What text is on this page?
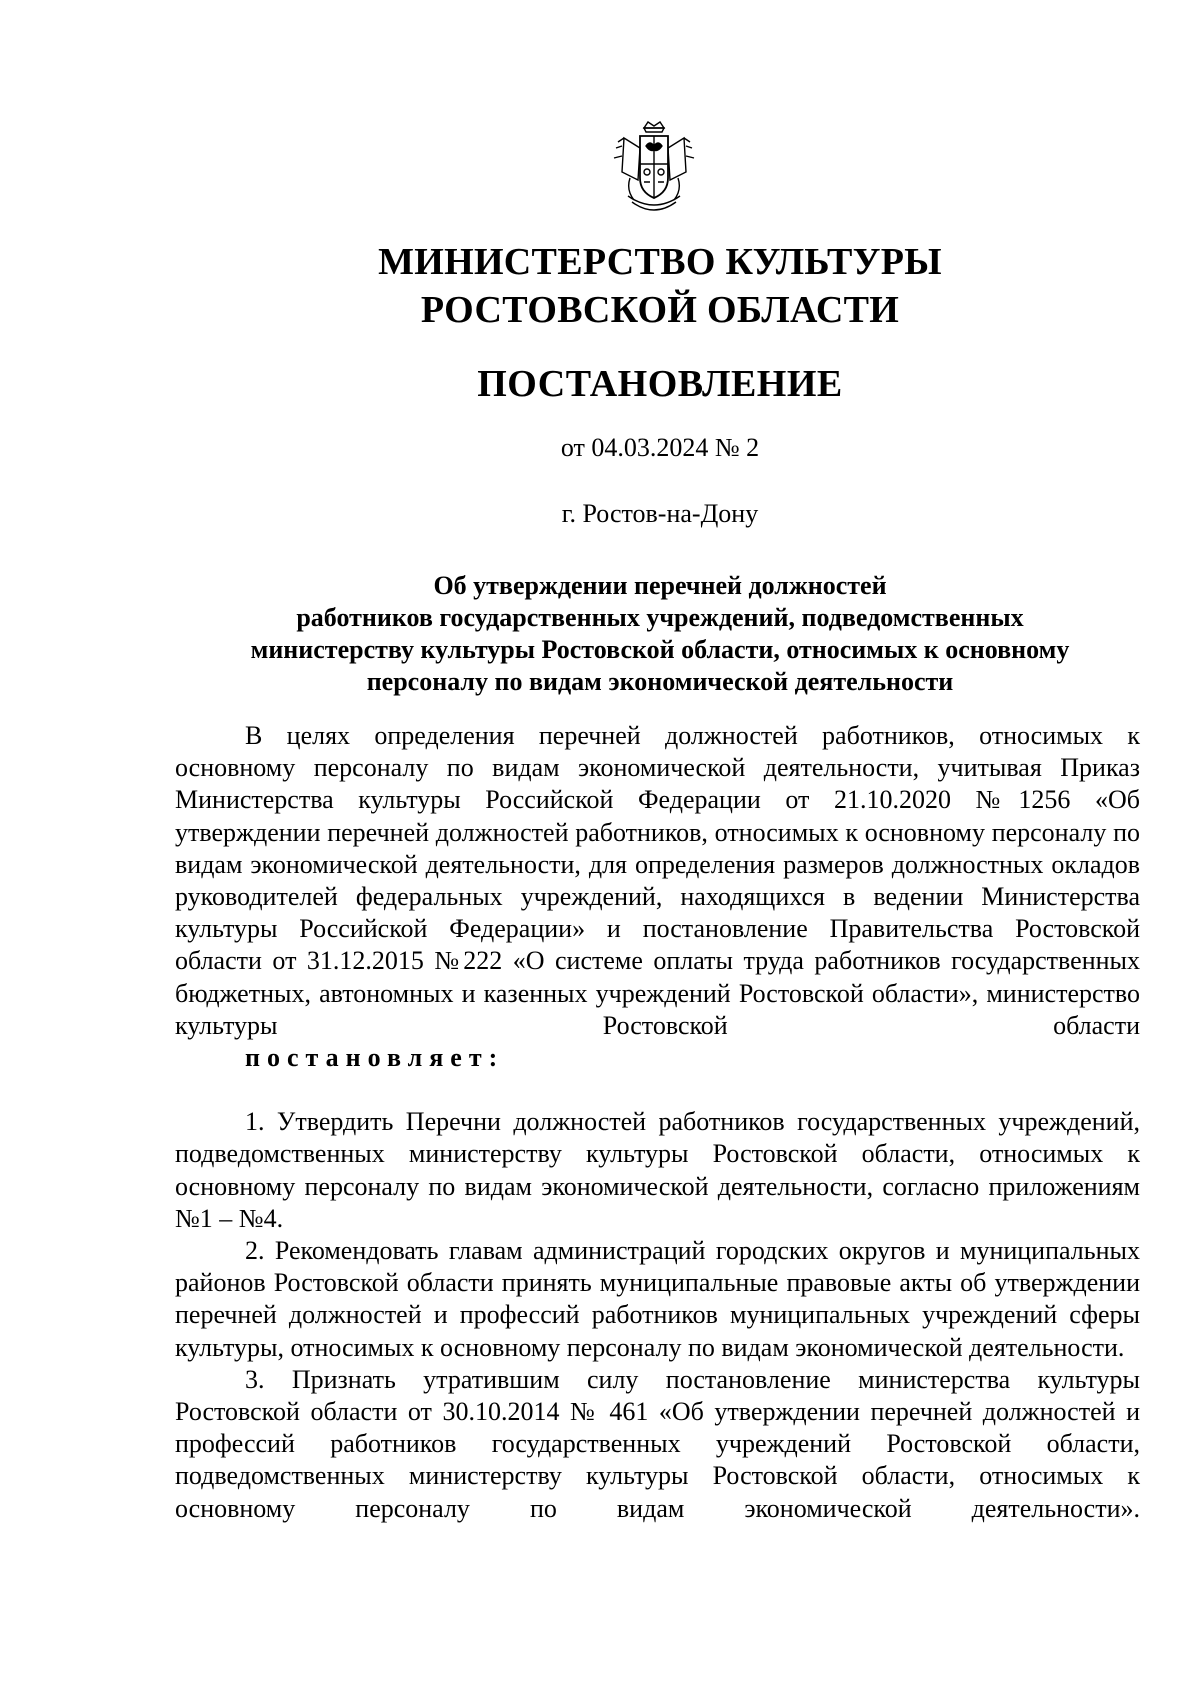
МИНИСТЕРСТВО КУЛЬТУРЫ
РОСТОВСКОЙ ОБЛАСТИ
ПОСТАНОВЛЕНИЕ
от 04.03.2024 № 2
г. Ростов-на-Дону
Об утверждении перечней должностей
работников государственных учреждений, подведомственных
министерству культуры Ростовской области, относимых к основному
персоналу по видам экономической деятельности

В целях определения перечней должностей работников, относимых к основному персоналу по видам экономической деятельности, учитывая Приказ Министерства культуры Российской Федерации от 21.10.2020 №1256 «Об утверждении перечней должностей работников, относимых к основному персоналу по видам экономической деятельности, для определения размеров должностных окладов руководителей федеральных учреждений, находящихся в ведении Министерства культуры Российской Федерации» и постановление Правительства Ростовской области от 31.12.2015 №222 «О системе оплаты труда работников государственных бюджетных, автономных и казенных учреждений Ростовской области», министерство культуры Ростовской области

постановляет:

1. Утвердить Перечни должностей работников государственных учреждений, подведомственных министерству культуры Ростовской области, относимых к основному персоналу по видам экономической деятельности, согласно приложениям №1 – №4.

2. Рекомендовать главам администраций городских округов и муниципальных районов Ростовской области принять муниципальные правовые акты об утверждении перечней должностей и профессий работников муниципальных учреждений сферы культуры, относимых к основному персоналу по видам экономической деятельности.

3. Признать утратившим силу постановление министерства культуры Ростовской области от 30.10.2014 № 461 «Об утверждении перечней должностей и профессий работников государственных учреждений Ростовской области, подведомственных министерству культуры Ростовской области, относимых к основному персоналу по видам экономической деятельности».
